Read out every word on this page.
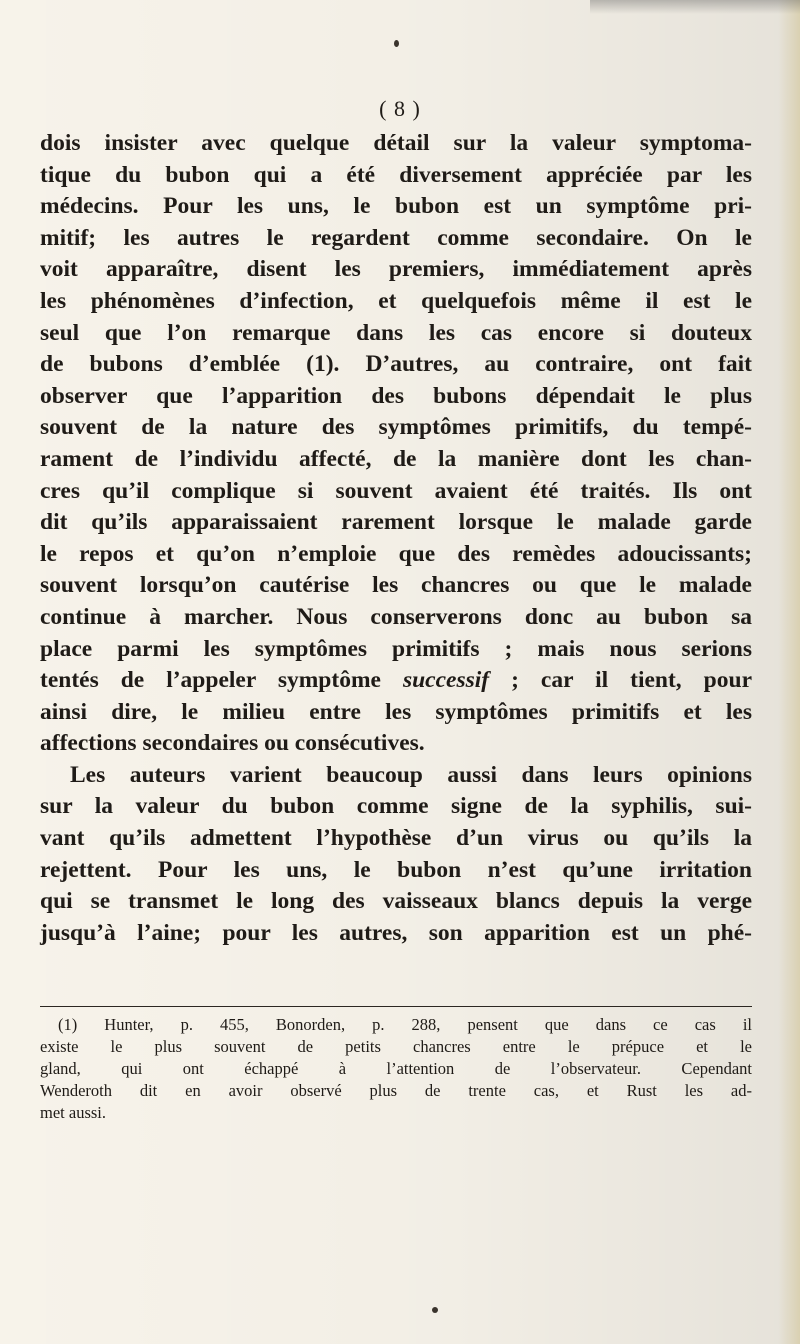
( 8 )

dois insister avec quelque détail sur la valeur symptoma-

tique du bubon qui a été diversement appréciée par les

médecins. Pour les uns, le bubon est un symptôme pri-

mitif; les autres le regardent comme secondaire. On le

voit apparaître, disent les premiers, immédiatement après

les phénomènes d’infection, et quelquefois même il est le

seul que l’on remarque dans les cas encore si douteux

de bubons d’emblée (1). D’autres, au contraire, ont fait

observer que l’apparition des bubons dépendait le plus

souvent de la nature des symptômes primitifs, du tempé-

rament de l’individu affecté, de la manière dont les chan-

cres qu’il complique si souvent avaient été traités. Ils ont

dit qu’ils apparaissaient rarement lorsque le malade garde

le repos et qu’on n’emploie que des remèdes adoucissants;

souvent lorsqu’on cautérise les chancres ou que le malade

continue à marcher. Nous conserverons donc au bubon sa

place parmi les symptômes primitifs ; mais nous serions

tentés de l’appeler symptôme successif ; car il tient, pour

ainsi dire, le milieu entre les symptômes primitifs et les

affections secondaires ou consécutives.

Les auteurs varient beaucoup aussi dans leurs opinions

sur la valeur du bubon comme signe de la syphilis, sui-

vant qu’ils admettent l’hypothèse d’un virus ou qu’ils la

rejettent. Pour les uns, le bubon n’est qu’une irritation

qui se transmet le long des vaisseaux blancs depuis la verge

jusqu’à l’aine; pour les autres, son apparition est un phé-

(1) Hunter, p. 455, Bonorden, p. 288, pensent que dans ce cas il

existe le plus souvent de petits chancres entre le prépuce et le

gland, qui ont échappé à l’attention de l’observateur. Cependant

Wenderoth dit en avoir observé plus de trente cas, et Rust les ad-

met aussi.
